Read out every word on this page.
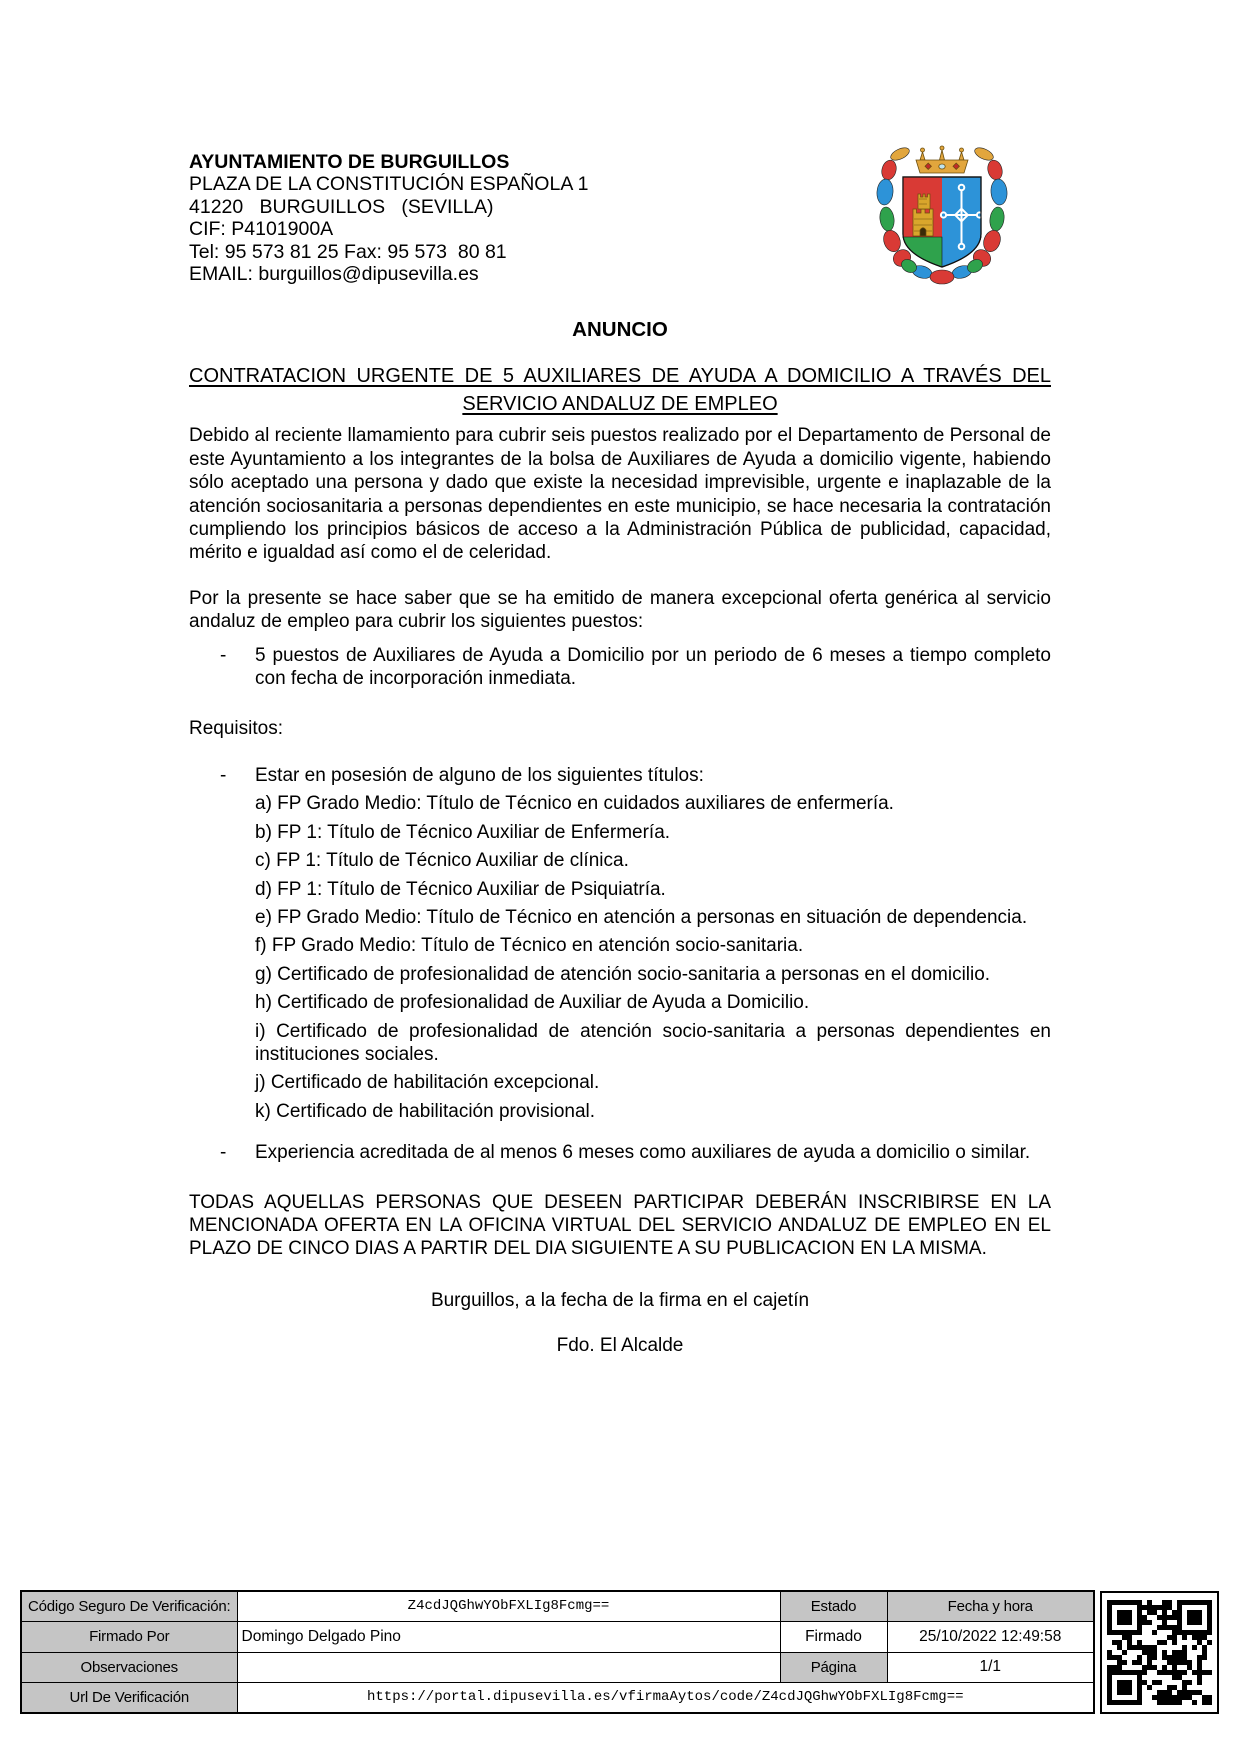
AYUNTAMIENTO DE BURGUILLOS
PLAZA DE LA CONSTITUCIÓN ESPAÑOLA 1
41220   BURGUILLOS   (SEVILLA)
CIF: P4101900A
Tel: 95 573 81 25 Fax: 95 573  80 81
EMAIL: burguillos@dipusevilla.es
ANUNCIO
CONTRATACION URGENTE DE 5 AUXILIARES DE AYUDA A DOMICILIO A TRAVÉS DEL
SERVICIO ANDALUZ DE EMPLEO

Debido al reciente llamamiento para cubrir seis puestos realizado por el Departamento de Personal de este Ayuntamiento a los integrantes de la bolsa de Auxiliares de Ayuda a domicilio vigente, habiendo sólo aceptado una persona y dado que existe la necesidad imprevisible, urgente e inaplazable de la atención sociosanitaria a personas dependientes en este municipio, se hace necesaria la contratación cumpliendo los principios básicos de acceso a la Administración Pública de publicidad, capacidad, mérito e igualdad así como el de celeridad.

Por la presente se hace saber que se ha emitido de manera excepcional oferta genérica al servicio andaluz de empleo para cubrir los siguientes puestos:

- 5 puestos de Auxiliares de Ayuda a Domicilio por un periodo de 6 meses a tiempo completo con fecha de incorporación inmediata.

Requisitos:

- Estar en posesión de alguno de los siguientes títulos:
a) FP Grado Medio: Título de Técnico en cuidados auxiliares de enfermería.
b) FP 1: Título de Técnico Auxiliar de Enfermería.
c) FP 1: Título de Técnico Auxiliar de clínica.
d) FP 1: Título de Técnico Auxiliar de Psiquiatría.
e) FP Grado Medio: Título de Técnico en atención a personas en situación de dependencia.
f) FP Grado Medio: Título de Técnico en atención socio-sanitaria.
g) Certificado de profesionalidad de atención socio-sanitaria a personas en el domicilio.
h) Certificado de profesionalidad de Auxiliar de Ayuda a Domicilio.
i) Certificado de profesionalidad de atención socio-sanitaria a personas dependientes en instituciones sociales.
j) Certificado de habilitación excepcional.
k) Certificado de habilitación provisional.
- Experiencia acreditada de al menos 6 meses como auxiliares de ayuda a domicilio o similar.

TODAS AQUELLAS PERSONAS QUE DESEEN PARTICIPAR DEBERÁN INSCRIBIRSE EN LA MENCIONADA OFERTA EN LA OFICINA VIRTUAL DEL SERVICIO ANDALUZ DE EMPLEO EN EL PLAZO DE CINCO DIAS A PARTIR DEL DIA SIGUIENTE A SU PUBLICACION EN LA MISMA.

Burguillos, a la fecha de la firma en el cajetín

Fdo. El Alcalde

Código Seguro De Verificación:	Z4cdJQGhwYObFXLIg8Fcmg==	Estado	Fecha y hora
Firmado Por	Domingo Delgado Pino	Firmado	25/10/2022 12:49:58
Observaciones		Página	1/1
Url De Verificación	https://portal.dipusevilla.es/vfirmaAytos/code/Z4cdJQGhwYObFXLIg8Fcmg==		
